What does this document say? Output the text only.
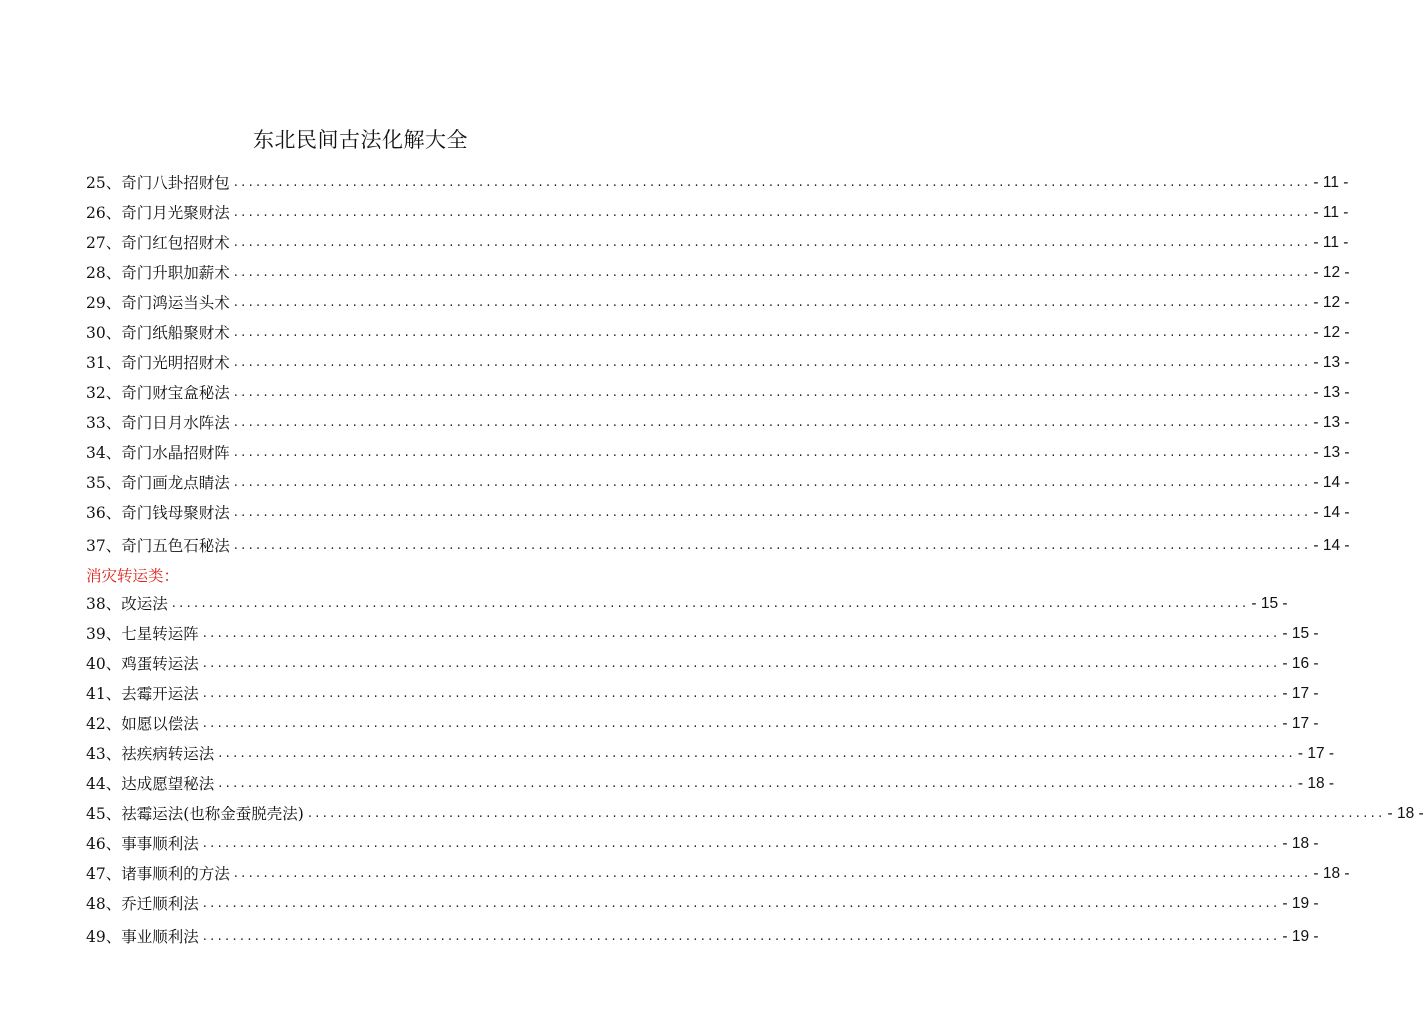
东北民间古法化解大全
25、奇门八卦招财包 ................................................................................................................................................. - 11 -
26、奇门月光聚财法 ................................................................................................................................................. - 11 -
27、奇门红包招财术 ................................................................................................................................................. - 11 -
28、奇门升职加薪术 ................................................................................................................................................. - 12 -
29、奇门鸿运当头术 ................................................................................................................................................. - 12 -
30、奇门纸船聚财术 ................................................................................................................................................. - 12 -
31、奇门光明招财术 ................................................................................................................................................. - 13 -
32、奇门财宝盒秘法 ................................................................................................................................................. - 13 -
33、奇门日月水阵法 ................................................................................................................................................. - 13 -
34、奇门水晶招财阵 ................................................................................................................................................. - 13 -
35、奇门画龙点睛法 ................................................................................................................................................. - 14 -
36、奇门钱母聚财法 ................................................................................................................................................. - 14 -
37、奇门五色石秘法 ................................................................................................................................................. - 14 -
消灾转运类：
38、改运法 ................................................................................................................................................. - 15 -
39、七星转运阵 ................................................................................................................................................. - 15 -
40、鸡蛋转运法 ................................................................................................................................................. - 16 -
41、去霉开运法 ................................................................................................................................................. - 17 -
42、如愿以偿法 ................................................................................................................................................. - 17 -
43、祛疾病转运法 ................................................................................................................................................. - 17 -
44、达成愿望秘法 ................................................................................................................................................. - 18 -
45、祛霉运法(也称金蚕脱壳法) ................................................................................................................................................. - 18 -
46、事事顺利法 ................................................................................................................................................. - 18 -
47、诸事顺利的方法 ................................................................................................................................................. - 18 -
48、乔迁顺利法 ................................................................................................................................................. - 19 -
49、事业顺利法 ................................................................................................................................................. - 19 -
